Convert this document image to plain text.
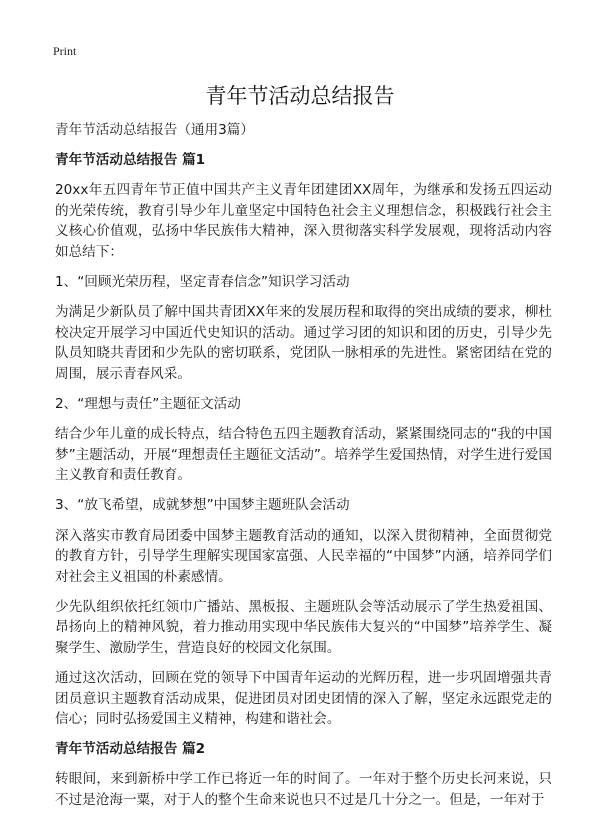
Print
青年节活动总结报告

青年节活动总结报告（通用3篇）

青年节活动总结报告 篇1

20xx年五四青年节正值中国共产主义青年团建团XX周年，为继承和发扬五四运动的光荣传统，教育引导少年儿童坚定中国特色社会主义理想信念，积极践行社会主义核心价值观，弘扬中华民族伟大精神，深入贯彻落实科学发展观，现将活动内容如总结下：

1、“回顾光荣历程，坚定青春信念”知识学习活动

为满足少新队员了解中国共青团XX年来的发展历程和取得的突出成绩的要求，柳杜校决定开展学习中国近代史知识的活动。通过学习团的知识和团的历史，引导少先队员知晓共青团和少先队的密切联系，党团队一脉相承的先进性。紧密团结在党的周围，展示青春风采。

2、“理想与责任”主题征文活动

结合少年儿童的成长特点，结合特色五四主题教育活动，紧紧围绕同志的“我的中国梦”主题活动，开展“理想责任主题征文活动”。培养学生爱国热情，对学生进行爱国主义教育和责任教育。

3、“放飞希望，成就梦想”中国梦主题班队会活动

深入落实市教育局团委中国梦主题教育活动的通知，以深入贯彻精神，全面贯彻党的教育方针，引导学生理解实现国家富强、人民幸福的“中国梦”内涵，培养同学们对社会主义祖国的朴素感情。

少先队组织依托红领巾广播站、黑板报、主题班队会等活动展示了学生热爱祖国、昂扬向上的精神风貌，着力推动用实现中华民族伟大复兴的“中国梦”培养学生、凝聚学生、激励学生，营造良好的校园文化氛围。

通过这次活动，回顾在党的领导下中国青年运动的光辉历程，进一步巩固增强共青团员意识主题教育活动成果，促进团员对团史团情的深入了解，坚定永远跟党走的信心；同时弘扬爱国主义精神，构建和谐社会。

青年节活动总结报告 篇2

转眼间，来到新桥中学工作已将近一年的时间了。一年对于整个历史长河来说，只不过是沧海一粟，对于人的整个生命来说也只不过是几十分之一。但是，一年对于
